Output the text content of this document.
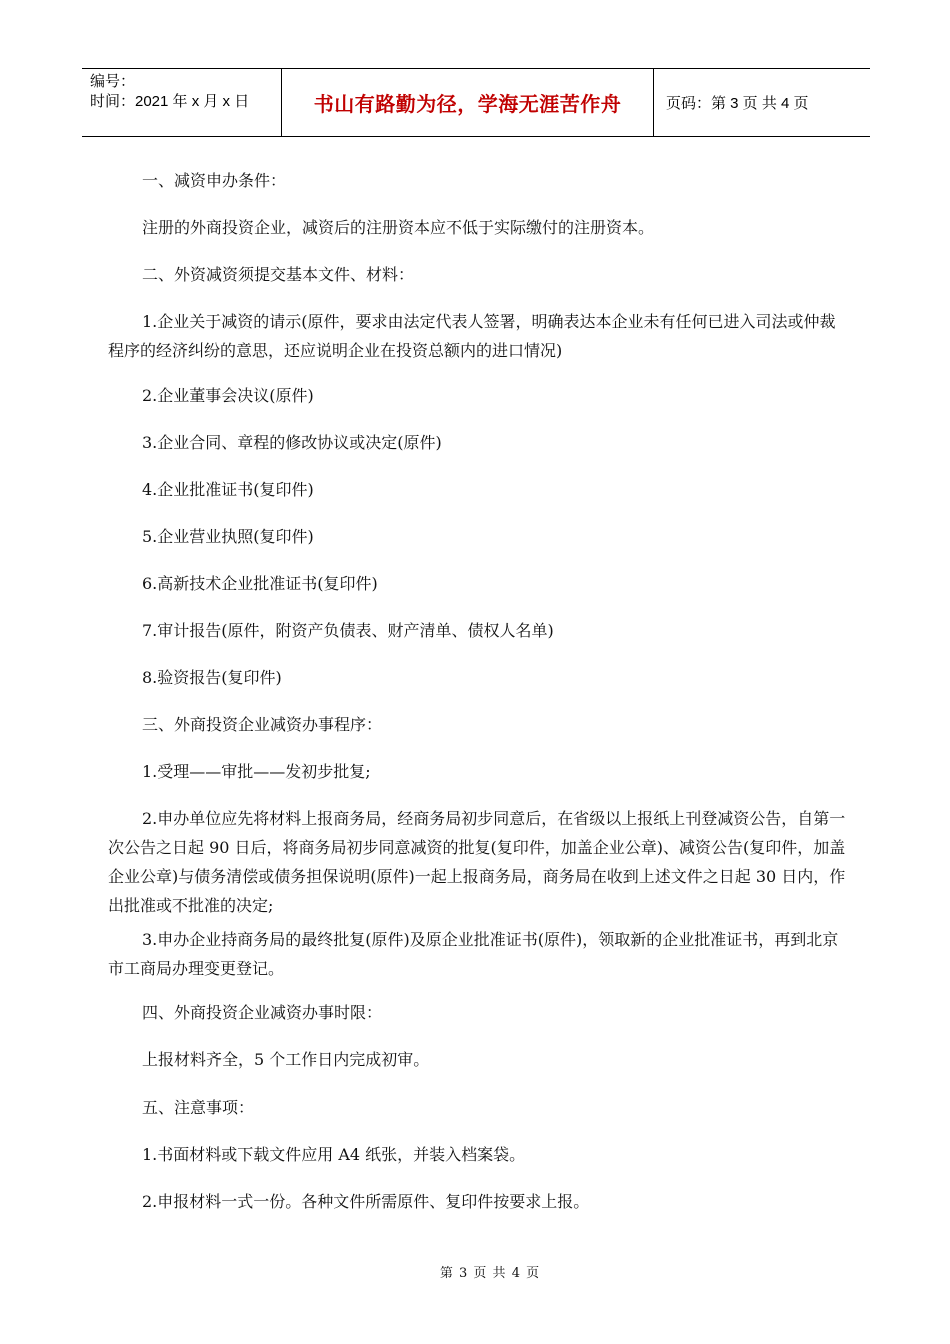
编号：
时间：2021 年 x 月 x 日	书山有路勤为径，学海无涯苦作舟	页码：第 3 页 共 4 页

一、减资申办条件：

注册的外商投资企业，减资后的注册资本应不低于实际缴付的注册资本。

二、外资减资须提交基本文件、材料：

1.企业关于减资的请示(原件，要求由法定代表人签署，明确表达本企业未有任何已进入司法或仲裁程序的经济纠纷的意思，还应说明企业在投资总额内的进口情况)

2.企业董事会决议(原件)

3.企业合同、章程的修改协议或决定(原件)

4.企业批准证书(复印件)

5.企业营业执照(复印件)

6.高新技术企业批准证书(复印件)

7.审计报告(原件，附资产负债表、财产清单、债权人名单)

8.验资报告(复印件)

三、外商投资企业减资办事程序：

1.受理——审批——发初步批复;

2.申办单位应先将材料上报商务局，经商务局初步同意后，在省级以上报纸上刊登减资公告，自第一次公告之日起 90 日后，将商务局初步同意减资的批复(复印件，加盖企业公章)、减资公告(复印件，加盖企业公章)与债务清偿或债务担保说明(原件)一起上报商务局，商务局在收到上述文件之日起 30 日内，作出批准或不批准的决定;

3.申办企业持商务局的最终批复(原件)及原企业批准证书(原件)，领取新的企业批准证书，再到北京市工商局办理变更登记。

四、外商投资企业减资办事时限：

上报材料齐全，5 个工作日内完成初审。

五、注意事项：

1.书面材料或下载文件应用 A4 纸张，并装入档案袋。

2.申报材料一式一份。各种文件所需原件、复印件按要求上报。

第 3 页 共 4 页
